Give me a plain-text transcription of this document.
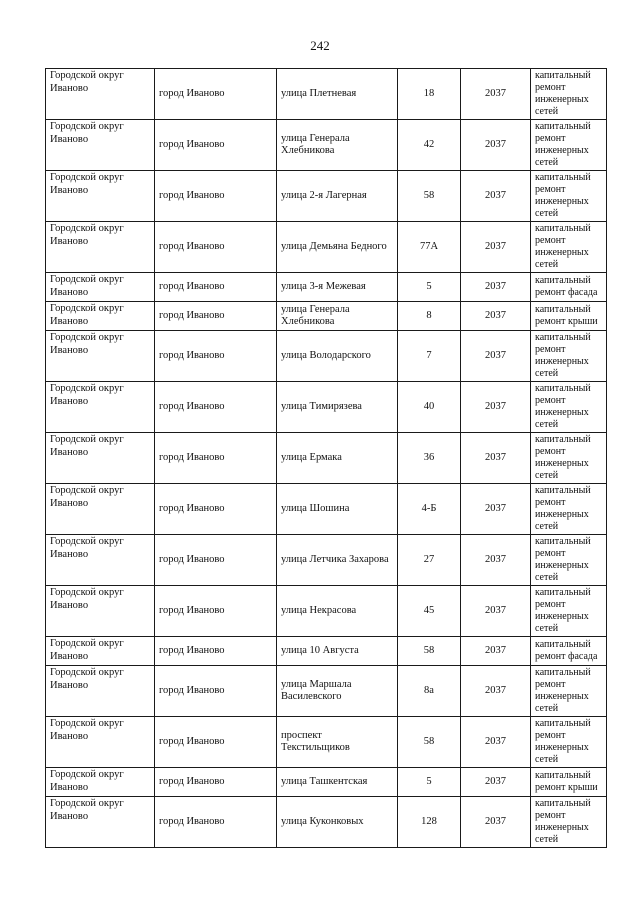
242
Городской округ Иваново	город Иваново	улица Плетневая	18	2037	капитальный ремонт инженерных сетей
Городской округ Иваново	город Иваново	улица Генерала Хлебникова	42	2037	капитальный ремонт инженерных сетей
Городской округ Иваново	город Иваново	улица 2-я Лагерная	58	2037	капитальный ремонт инженерных сетей
Городской округ Иваново	город Иваново	улица Демьяна Бедного	77А	2037	капитальный ремонт инженерных сетей
Городской округ Иваново	город Иваново	улица 3-я Межевая	5	2037	капитальный ремонт фасада
Городской округ Иваново	город Иваново	улица Генерала Хлебникова	8	2037	капитальный ремонт крыши
Городской округ Иваново	город Иваново	улица Володарского	7	2037	капитальный ремонт инженерных сетей
Городской округ Иваново	город Иваново	улица Тимирязева	40	2037	капитальный ремонт инженерных сетей
Городской округ Иваново	город Иваново	улица Ермака	36	2037	капитальный ремонт инженерных сетей
Городской округ Иваново	город Иваново	улица Шошина	4-Б	2037	капитальный ремонт инженерных сетей
Городской округ Иваново	город Иваново	улица Летчика Захарова	27	2037	капитальный ремонт инженерных сетей
Городской округ Иваново	город Иваново	улица Некрасова	45	2037	капитальный ремонт инженерных сетей
Городской округ Иваново	город Иваново	улица 10 Августа	58	2037	капитальный ремонт фасада
Городской округ Иваново	город Иваново	улица Маршала Василевского	8а	2037	капитальный ремонт инженерных сетей
Городской округ Иваново	город Иваново	проспект Текстильщиков	58	2037	капитальный ремонт инженерных сетей
Городской округ Иваново	город Иваново	улица Ташкентская	5	2037	капитальный ремонт крыши
Городской округ Иваново	город Иваново	улица Куконковых	128	2037	капитальный ремонт инженерных сетей
